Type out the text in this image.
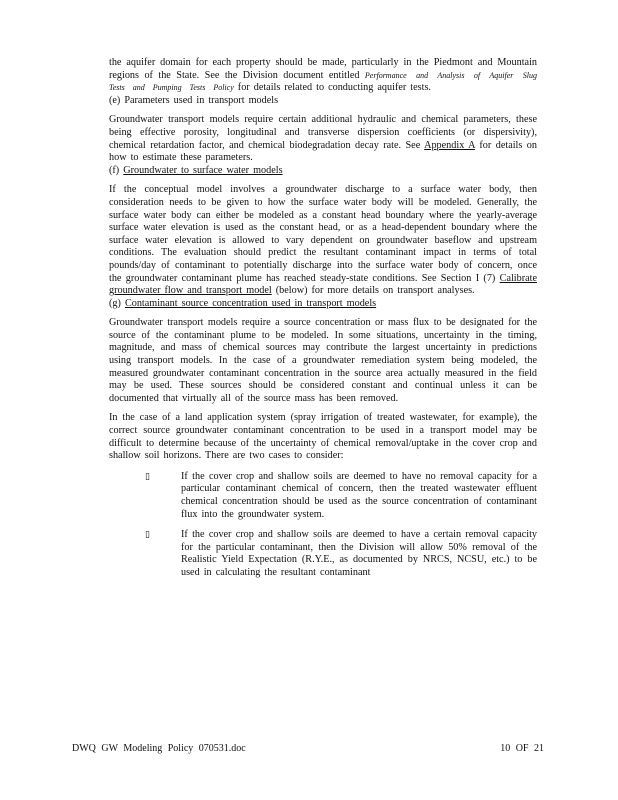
the aquifer domain for each property should be made, particularly in the Piedmont and Mountain regions of the State. See the Division document entitled Performance and Analysis of Aquifer Slug Tests and Pumping Tests Policy for details related to conducting aquifer tests.

(e) Parameters used in transport models

Groundwater transport models require certain additional hydraulic and chemical parameters, these being effective porosity, longitudinal and transverse dispersion coefficients (or dispersivity), chemical retardation factor, and chemical biodegradation decay rate. See Appendix A for details on how to estimate these parameters.

(f) Groundwater to surface water models

If the conceptual model involves a groundwater discharge to a surface water body, then consideration needs to be given to how the surface water body will be modeled. Generally, the surface water body can either be modeled as a constant head boundary where the yearly-average surface water elevation is used as the constant head, or as a head-dependent boundary where the surface water elevation is allowed to vary dependent on groundwater baseflow and upstream conditions. The evaluation should predict the resultant contaminant impact in terms of total pounds/day of contaminant to potentially discharge into the surface water body of concern, once the groundwater contaminant plume has reached steady-state conditions. See Section I (7) Calibrate groundwater flow and transport model (below) for more details on transport analyses.

(g) Contaminant source concentration used in transport models

Groundwater transport models require a source concentration or mass flux to be designated for the source of the contaminant plume to be modeled. In some situations, uncertainty in the timing, magnitude, and mass of chemical sources may contribute the largest uncertainty in predictions using transport models. In the case of a groundwater remediation system being modeled, the measured groundwater contaminant concentration in the source area actually measured in the field may be used. These sources should be considered constant and continual unless it can be documented that virtually all of the source mass has been removed.

In the case of a land application system (spray irrigation of treated wastewater, for example), the correct source groundwater contaminant concentration to be used in a transport model may be difficult to determine because of the uncertainty of chemical removal/uptake in the cover crop and shallow soil horizons. There are two cases to consider:

▯	If the cover crop and shallow soils are deemed to have no removal capacity for a particular contaminant chemical of concern, then the treated wastewater effluent chemical concentration should be used as the source concentration of contaminant flux into the groundwater system.
▯	If the cover crop and shallow soils are deemed to have a certain removal capacity for the particular contaminant, then the Division will allow 50% removal of the Realistic Yield Expectation (R.Y.E., as documented by NRCS, NCSU, etc.) to be used in calculating the resultant contaminant
DWQ GW Modeling Policy 070531.doc	10 OF 21
